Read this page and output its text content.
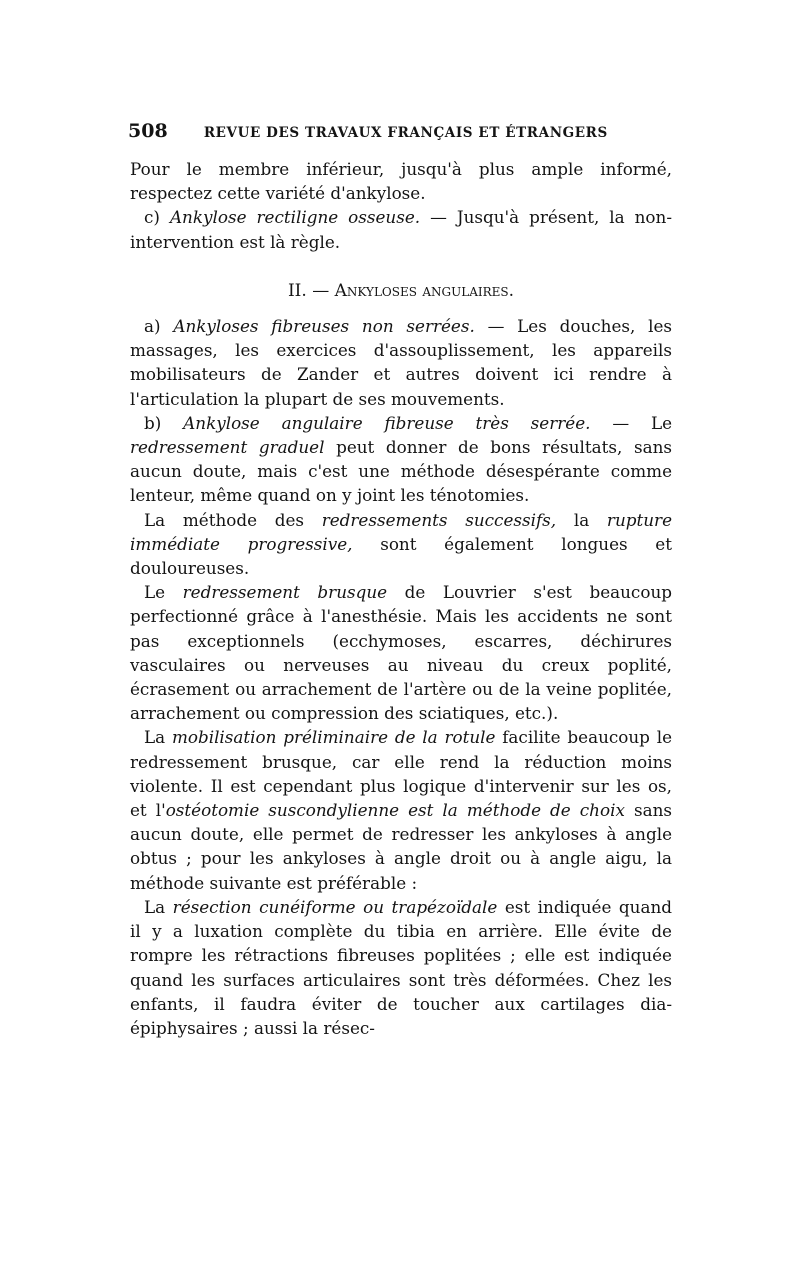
508	REVUE DES TRAVAUX FRANÇAIS ET ÉTRANGERS

Pour le membre inférieur, jusqu'à plus ample informé, respectez cette variété d'ankylose.

c) Ankylose rectiligne osseuse. — Jusqu'à présent, la non-intervention est là règle.

II. — Ankyloses angulaires.

a) Ankyloses fibreuses non serrées. — Les douches, les massages, les exercices d'assouplissement, les appareils mobilisateurs de Zander et autres doivent ici rendre à l'articulation la plupart de ses mouvements.

b) Ankylose angulaire fibreuse très serrée. — Le redressement graduel peut donner de bons résultats, sans aucun doute, mais c'est une méthode désespérante comme lenteur, même quand on y joint les ténotomies.

La méthode des redressements successifs, la rupture immédiate progressive, sont également longues et douloureuses.

Le redressement brusque de Louvrier s'est beaucoup perfectionné grâce à l'anesthésie. Mais les accidents ne sont pas exceptionnels (ecchymoses, escarres, déchirures vasculaires ou nerveuses au niveau du creux poplité, écrasement ou arrachement de l'artère ou de la veine poplitée, arrachement ou compression des sciatiques, etc.).

La mobilisation préliminaire de la rotule facilite beaucoup le redressement brusque, car elle rend la réduction moins violente. Il est cependant plus logique d'intervenir sur les os, et l'ostéotomie suscondylienne est la méthode de choix sans aucun doute, elle permet de redresser les ankyloses à angle obtus ; pour les ankyloses à angle droit ou à angle aigu, la méthode suivante est préférable :

La résection cunéiforme ou trapézoïdale est indiquée quand il y a luxation complète du tibia en arrière. Elle évite de rompre les rétractions fibreuses poplitées ; elle est indiquée quand les surfaces articulaires sont très déformées. Chez les enfants, il faudra éviter de toucher aux cartilages dia-épiphysaires ; aussi la résec-
